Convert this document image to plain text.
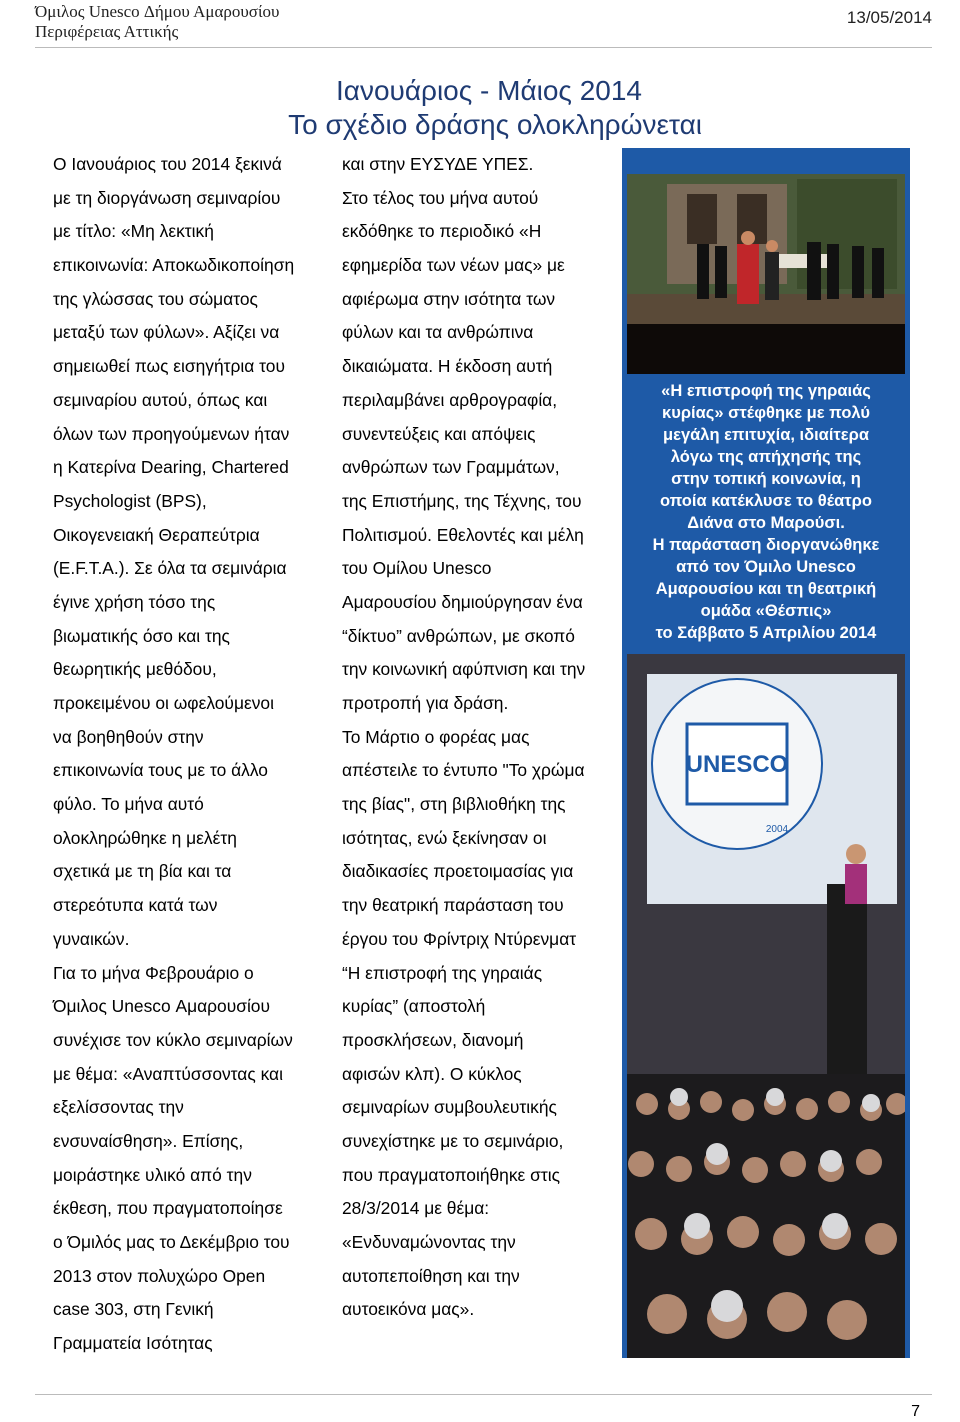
Όμιλος Unesco Δήμου Αμαρουσίου
Περιφέρειας Αττικής
13/05/2014
Ιανουάριος - Μάιος 2014
Το σχέδιο δράσης ολοκληρώνεται
Ο Ιανουάριος του 2014 ξεκινά
με τη διοργάνωση σεμιναρίου
με τίτλο: «Μη λεκτική
επικοινωνία: Αποκωδικοποίηση
της γλώσσας του σώματος
μεταξύ των φύλων». Αξίζει να
σημειωθεί πως εισηγήτρια του
σεμιναρίου αυτού, όπως και
όλων των προηγούμενων ήταν
η Κατερίνα Dearing, Chartered
Psychologist (BPS),
Οικογενειακή Θεραπεύτρια
(E.F.T.A.). Σε όλα τα σεμινάρια
έγινε χρήση τόσο της
βιωματικής όσο και της
θεωρητικής μεθόδου,
προκειμένου οι ωφελούμενοι
να βοηθηθούν στην
επικοινωνία τους με το άλλο
φύλο. Το μήνα αυτό
ολοκληρώθηκε η μελέτη
σχετικά με τη βία και τα
στερεότυπα κατά των
γυναικών.
Για το μήνα Φεβρουάριο ο
Όμιλος Unesco Αμαρουσίου
συνέχισε τον κύκλο σεμιναρίων
με θέμα: «Αναπτύσσοντας και
εξελίσσοντας την
ενσυναίσθηση». Επίσης,
μοιράστηκε υλικό από την
έκθεση, που πραγματοποίησε
ο Όμιλός μας το Δεκέμβριο του
2013 στον πολυχώρο Open
case 303, στη Γενική
Γραμματεία Ισότητας
και στην ΕΥΣΥΔΕ ΥΠΕΣ.
Στο τέλος του μήνα αυτού
εκδόθηκε το περιοδικό «Η
εφημερίδα των νέων μας» με
αφιέρωμα στην ισότητα των
φύλων και τα ανθρώπινα
δικαιώματα. Η έκδοση αυτή
περιλαμβάνει αρθρογραφία,
συνεντεύξεις και απόψεις
ανθρώπων των Γραμμάτων,
της Επιστήμης, της Τέχνης, του
Πολιτισμού. Εθελοντές και μέλη
του Ομίλου Unesco
Αμαρουσίου δημιούργησαν ένα
“δίκτυο” ανθρώπων, με σκοπό
την κοινωνική αφύπνιση και την
προτροπή για δράση.
Το Μάρτιο ο φορέας μας
απέστειλε το έντυπο "Το χρώμα
της βίας", στη βιβλιοθήκη της
ισότητας, ενώ ξεκίνησαν οι
διαδικασίες προετοιμασίας για
την θεατρική παράσταση του
έργου του Φρίντριχ Ντύρενματ
“Η επιστροφή της γηραιάς
κυρίας” (αποστολή
προσκλήσεων, διανομή
αφισών κλπ). Ο κύκλος
σεμιναρίων συμβουλευτικής
συνεχίστηκε με το σεμινάριο,
που πραγματοποιήθηκε στις
28/3/2014 με θέμα:
«Ενδυναμώνοντας την
αυτοπεποίθηση και την
αυτοεικόνα μας».
«Η επιστροφή της γηραιάς
κυρίας» στέφθηκε με πολύ
μεγάλη επιτυχία, ιδιαίτερα
λόγω της απήχησής της
στην τοπική κοινωνία, η
οποία κατέκλυσε το θέατρο
Διάνα στο Μαρούσι.
Η παράσταση διοργανώθηκε
από τον Όμιλο Unesco
Αμαρουσίου και τη θεατρική
ομάδα «Θέσπις»
το Σάββατο 5 Απριλίου 2014
UNESCO
2004
7
